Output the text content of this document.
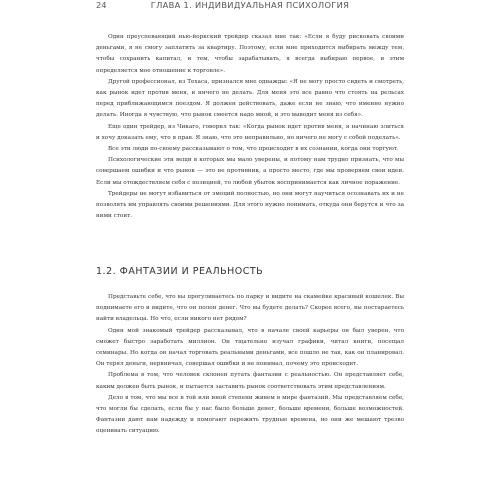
24	ГЛАВА 1. ИНДИВИДУАЛЬНАЯ ПСИХОЛОГИЯ

Один преуспевающий нью-йоркский трейдер сказал мне так: «Если я буду рисковать своими деньгами, я не смогу заплатить за квартиру. Поэтому, если мне приходится выбирать между тем, чтобы сохранить капитал, и тем, чтобы зарабатывать, я всегда выбираю первое, и этим определяется мое отношение к торговле».

Другой профессионал, из Техаса, признался мне однажды: «Я не могу просто сидеть и смотреть, как рынок идет против меня, и ничего не делать. Для меня это все равно что стоять на рельсах перед приближающимся поездом. Я должен действовать, даже если не знаю, что именно нужно делать. Иногда я чувствую, что рынок смеется надо мной, и это выводит меня из себя».

Еще один трейдер, из Чикаго, говорил так: «Когда рынок идет против меня, я начинаю злиться и хочу доказать ему, что я прав. Я знаю, что это неправильно, но ничего не могу с собой поделать».

Все эти люди по-своему рассказывают о том, что происходит в их сознании, когда они торгуют.

Психологические эти вещи в которых мы мало уверены, и потому нам трудно признать, что мы совершаем ошибки и что рынок — это не противник, а просто место, где мы проверяем свои идеи. Если мы отождествляем себя с позицией, то любой убыток воспринимается как личное поражение.

Трейдеры не могут избавиться от эмоций полностью, но они могут научиться осознавать их и не позволять им управлять своими решениями. Для этого нужно понимать, откуда они берутся и что за ними стоит.

1.2. ФАНТАЗИИ И РЕАЛЬНОСТЬ

Представьте себе, что вы прогуливаетесь по парку и видите на скамейке красивый кошелек. Вы поднимаете его и видите, что он полон денег. Что вы будете делать? Скорее всего, вы постараетесь найти владельца. Но что, если никого нет рядом?

Один мой знакомый трейдер рассказывал, что в начале своей карьеры он был уверен, что сможет быстро заработать миллион. Он тщательно изучал графики, читал книги, посещал семинары. Но когда он начал торговать реальными деньгами, все пошло не так, как он планировал. Он терял деньги, нервничал, совершал ошибки и не понимал, почему это происходит.

Проблема в том, что человек склонен путать фантазии с реальностью. Он представляет себе, каким должен быть рынок, и пытается заставить рынок соответствовать этим представлениям.

Дело в том, что мы все в той или иной степени живем в мире фантазий. Мы представляем себе, что могли бы сделать, если бы у нас было больше денег, больше времени, больше возможностей. Фантазии дают нам надежду и помогают пережить трудные времена, но они же мешают трезво оценивать ситуацию.
